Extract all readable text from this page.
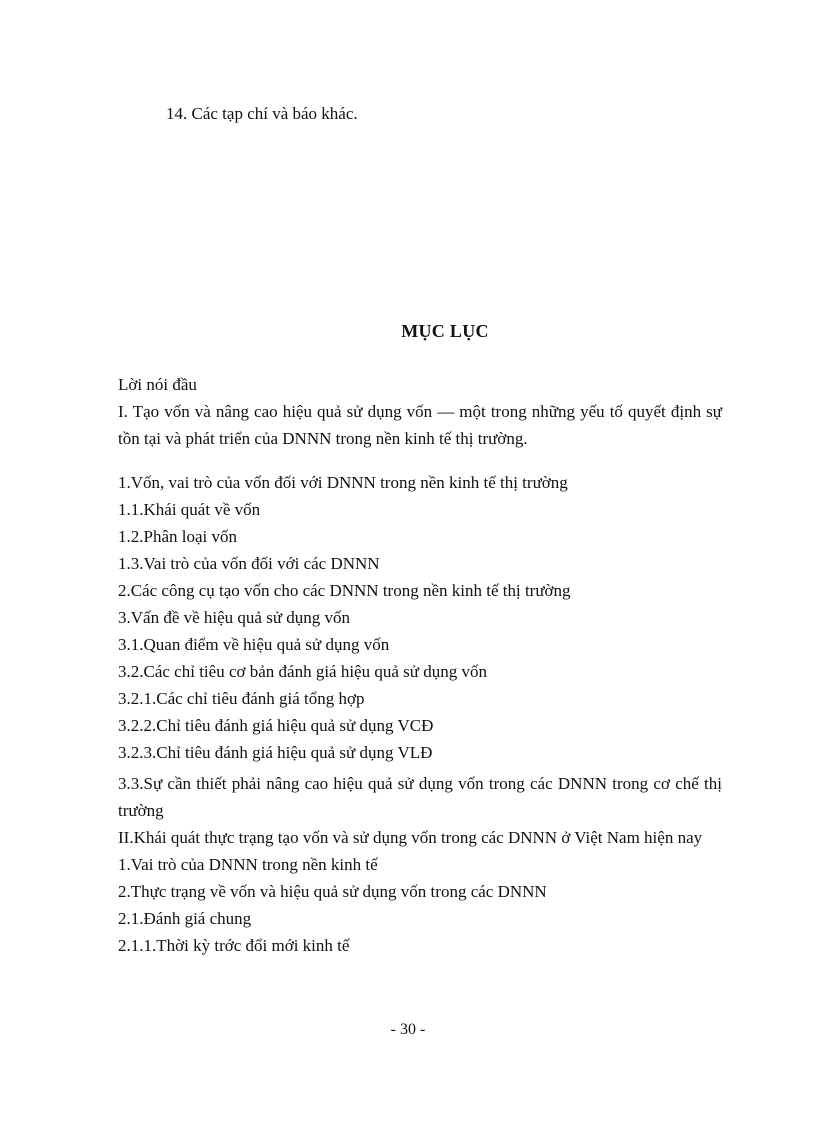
14. Các tạp chí và báo khác.
MỤC LỤC
Lời nói đầu
I. Tạo vốn và nâng cao hiệu quả sử dụng vốn — một trong những yếu tố quyết định sự tồn tại và phát triển của DNNN trong nền kinh tế thị trường.
1.Vốn, vai trò của vốn đối với DNNN trong nền kinh tế thị trường
1.1.Khái quát về vốn
1.2.Phân loại vốn
1.3.Vai trò của vốn đối với các DNNN
2.Các công cụ tạo vốn cho các DNNN trong nền kinh tế thị trường
3.Vấn đề về hiệu quả sử dụng vốn
3.1.Quan điểm về hiệu quả sử dụng vốn
3.2.Các chỉ tiêu cơ bản đánh giá hiệu quả sử dụng vốn
3.2.1.Các chỉ tiêu đánh giá tổng hợp
3.2.2.Chỉ tiêu đánh giá hiệu quả sử dụng VCĐ
3.2.3.Chỉ tiêu đánh giá hiệu quả sử dụng VLĐ
3.3.Sự cần thiết phải nâng cao hiệu quả sử dụng vốn trong các DNNN trong cơ chế thị trường
II.Khái quát thực trạng tạo vốn và sử dụng vốn trong các DNNN ở Việt Nam hiện nay
1.Vai trò của DNNN trong nền kinh tế
2.Thực trạng về vốn và hiệu quả sử dụng vốn trong các DNNN
2.1.Đánh giá chung
2.1.1.Thời kỳ trớc đổi mới kinh tế
- 30 -
